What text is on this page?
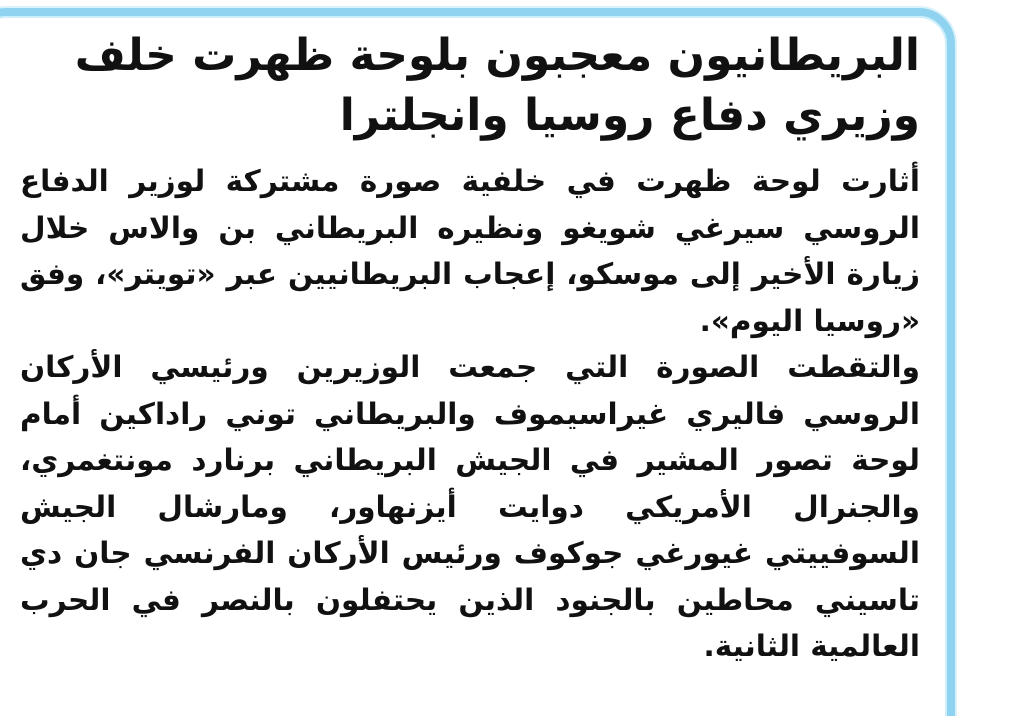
البريطانيون معجبون بلوحة ظهرت خلف وزيري دفاع روسيا وانجلترا

أثارت لوحة ظهرت في خلفية صورة مشتركة لوزير الدفاع الروسي سيرغي شويغو ونظيره البريطاني بن والاس خلال زيارة الأخير إلى موسكو، إعجاب البريطانيين عبر «تويتر»، وفق «روسيا اليوم».

والتقطت الصورة التي جمعت الوزيرين ورئيسي الأركان الروسي فاليري غيراسيموف والبريطاني توني راداكين أمام لوحة تصور المشير في الجيش البريطاني برنارد مونتغمري، والجنرال الأمريكي دوايت أيزنهاور، ومارشال الجيش السوفييتي غيورغي جوكوف ورئيس الأركان الفرنسي جان دي تاسيني محاطين بالجنود الذين يحتفلون بالنصر في الحرب العالمية الثانية.
